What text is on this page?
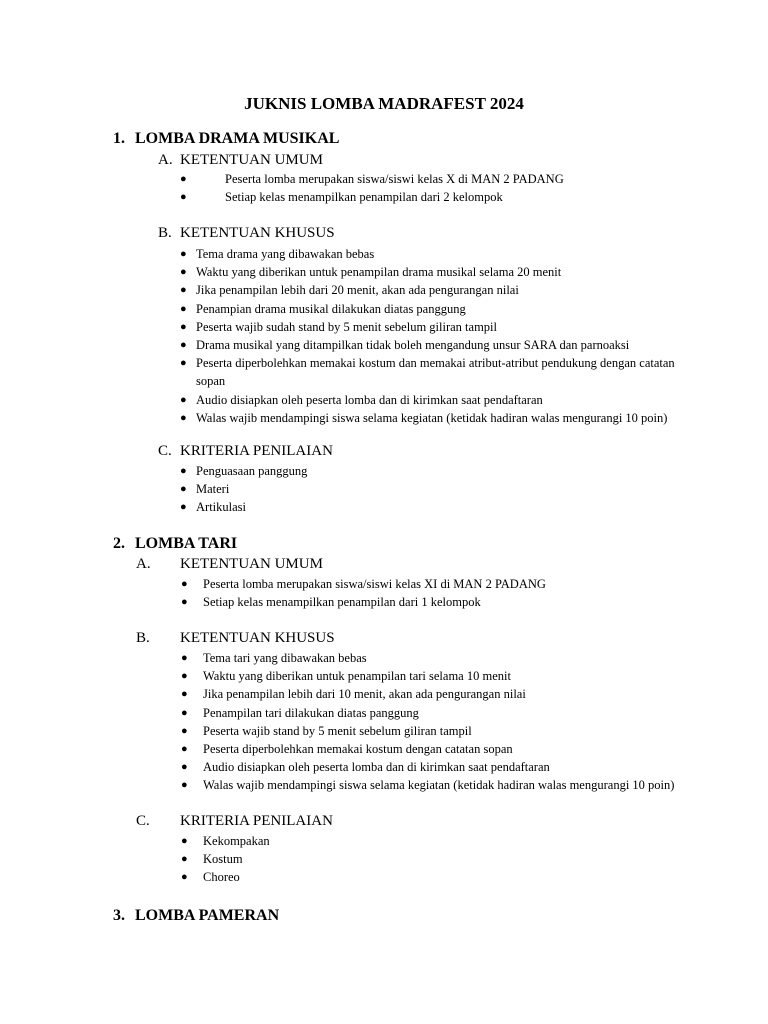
JUKNIS LOMBA MADRAFEST 2024
1. LOMBA DRAMA MUSIKAL
A. KETENTUAN UMUM
●	Peserta lomba merupakan siswa/siswi kelas X di MAN 2 PADANG
●	Setiap kelas menampilkan penampilan dari 2 kelompok
B. KETENTUAN KHUSUS
● Tema drama yang dibawakan bebas
● Waktu yang diberikan untuk penampilan drama musikal selama 20 menit
● Jika penampilan lebih dari 20 menit, akan ada pengurangan nilai
● Penampian drama musikal dilakukan diatas panggung
● Peserta wajib sudah stand by 5 menit sebelum giliran tampil
● Drama musikal yang ditampilkan tidak boleh mengandung unsur SARA dan parnoaksi
● Peserta diperbolehkan memakai kostum dan memakai atribut-atribut pendukung dengan catatan sopan
● Audio disiapkan oleh peserta lomba dan di kirimkan saat pendaftaran
● Walas wajib mendampingi siswa selama kegiatan (ketidak hadiran walas mengurangi 10 poin)
C. KRITERIA PENILAIAN
● Penguasaan panggung
● Materi
● Artikulasi
2. LOMBA TARI
A. KETENTUAN UMUM
● Peserta lomba merupakan siswa/siswi kelas XI di MAN 2 PADANG
● Setiap kelas menampilkan penampilan dari 1 kelompok
B. KETENTUAN KHUSUS
● Tema tari yang dibawakan bebas
● Waktu yang diberikan untuk penampilan tari selama 10 menit
● Jika penampilan lebih dari 10 menit, akan ada pengurangan nilai
● Penampilan tari dilakukan diatas panggung
● Peserta wajib stand by 5 menit sebelum giliran tampil
● Peserta diperbolehkan memakai kostum dengan catatan sopan
● Audio disiapkan oleh peserta lomba dan di kirimkan saat pendaftaran
● Walas wajib mendampingi siswa selama kegiatan (ketidak hadiran walas mengurangi 10 poin)
C. KRITERIA PENILAIAN
● Kekompakan
● Kostum
● Choreo
3. LOMBA PAMERAN
